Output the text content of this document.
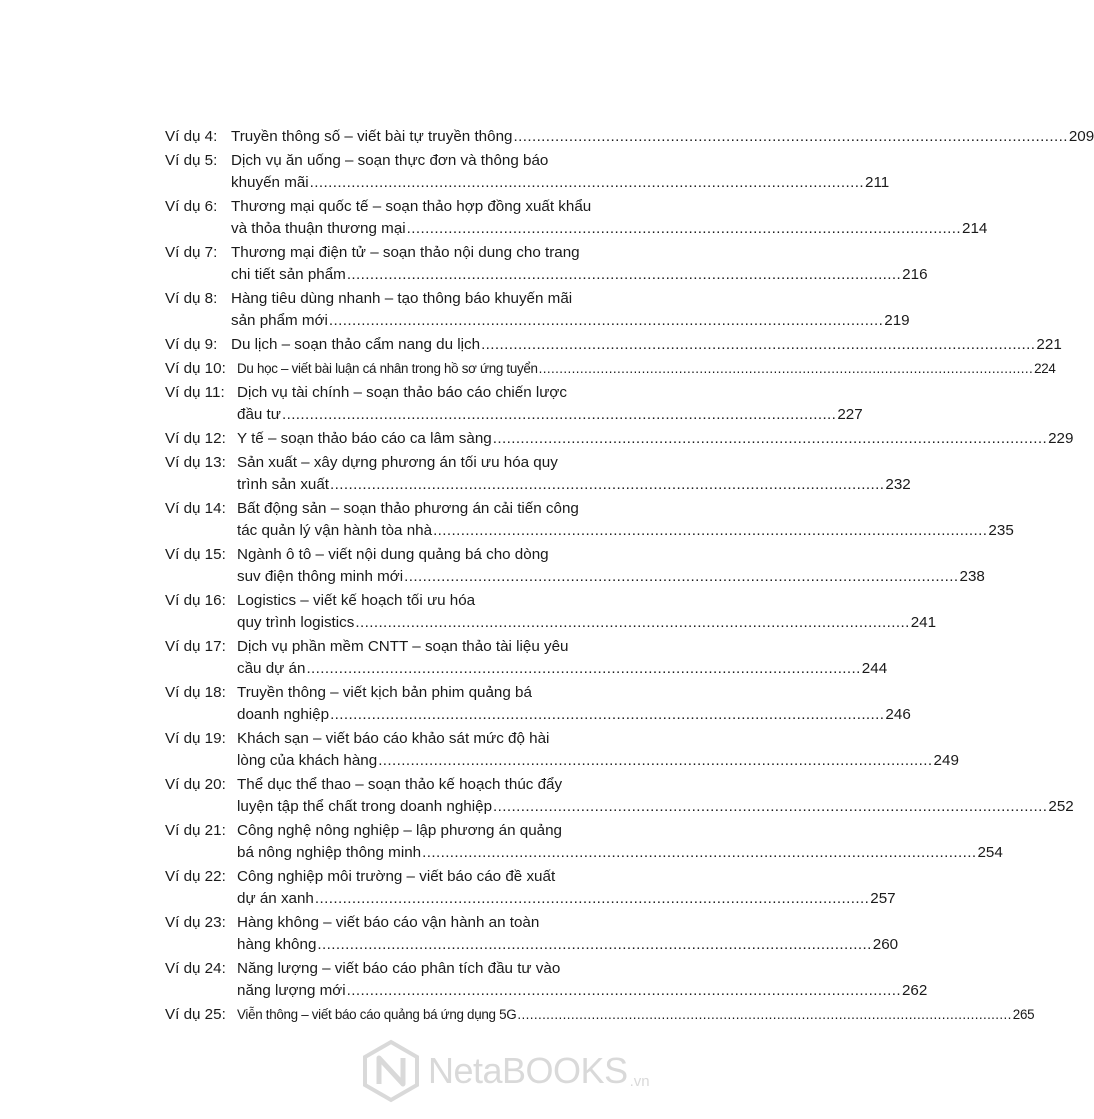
Ví dụ 4: Truyền thông số – viết bài tự truyền thông ........................................................................................................................ 209
Ví dụ 5: Dịch vụ ăn uống – soạn thực đơn và thông báo
khuyến mãi ........................................................................................................................ 211
Ví dụ 6: Thương mại quốc tế – soạn thảo hợp đồng xuất khẩu
và thỏa thuận thương mại ........................................................................................................................ 214
Ví dụ 7: Thương mại điện tử – soạn thảo nội dung cho trang
chi tiết sản phẩm ........................................................................................................................ 216
Ví dụ 8: Hàng tiêu dùng nhanh – tạo thông báo khuyến mãi
sản phẩm mới ........................................................................................................................ 219
Ví dụ 9: Du lịch – soạn thảo cẩm nang du lịch ........................................................................................................................ 221
Ví dụ 10: Du học – viết bài luận cá nhân trong hồ sơ ứng tuyển ........................................................................................................................ 224
Ví dụ 11: Dịch vụ tài chính – soạn thảo báo cáo chiến lược
đầu tư ........................................................................................................................ 227
Ví dụ 12: Y tế – soạn thảo báo cáo ca lâm sàng ........................................................................................................................ 229
Ví dụ 13: Sản xuất – xây dựng phương án tối ưu hóa quy
trình sản xuất ........................................................................................................................ 232
Ví dụ 14: Bất động sản – soạn thảo phương án cải tiến công
tác quản lý vận hành tòa nhà ........................................................................................................................ 235
Ví dụ 15: Ngành ô tô – viết nội dung quảng bá cho dòng
suv điện thông minh mới ........................................................................................................................ 238
Ví dụ 16: Logistics – viết kế hoạch tối ưu hóa
quy trình logistics ........................................................................................................................ 241
Ví dụ 17: Dịch vụ phần mềm CNTT – soạn thảo tài liệu yêu
cầu dự án ........................................................................................................................ 244
Ví dụ 18: Truyền thông – viết kịch bản phim quảng bá
doanh nghiệp ........................................................................................................................ 246
Ví dụ 19: Khách sạn – viết báo cáo khảo sát mức độ hài
lòng của khách hàng ........................................................................................................................ 249
Ví dụ 20: Thể dục thể thao – soạn thảo kế hoạch thúc đẩy
luyện tập thể chất trong doanh nghiệp ........................................................................................................................ 252
Ví dụ 21: Công nghệ nông nghiệp – lập phương án quảng
bá nông nghiệp thông minh ........................................................................................................................ 254
Ví dụ 22: Công nghiệp môi trường – viết báo cáo đề xuất
dự án xanh ........................................................................................................................ 257
Ví dụ 23: Hàng không – viết báo cáo vận hành an toàn
hàng không ........................................................................................................................ 260
Ví dụ 24: Năng lượng – viết báo cáo phân tích đầu tư vào
năng lượng mới ........................................................................................................................ 262
Ví dụ 25: Viễn thông – viết báo cáo quảng bá ứng dụng 5G ........................................................................................................................ 265
NetaBOOKS .vn
